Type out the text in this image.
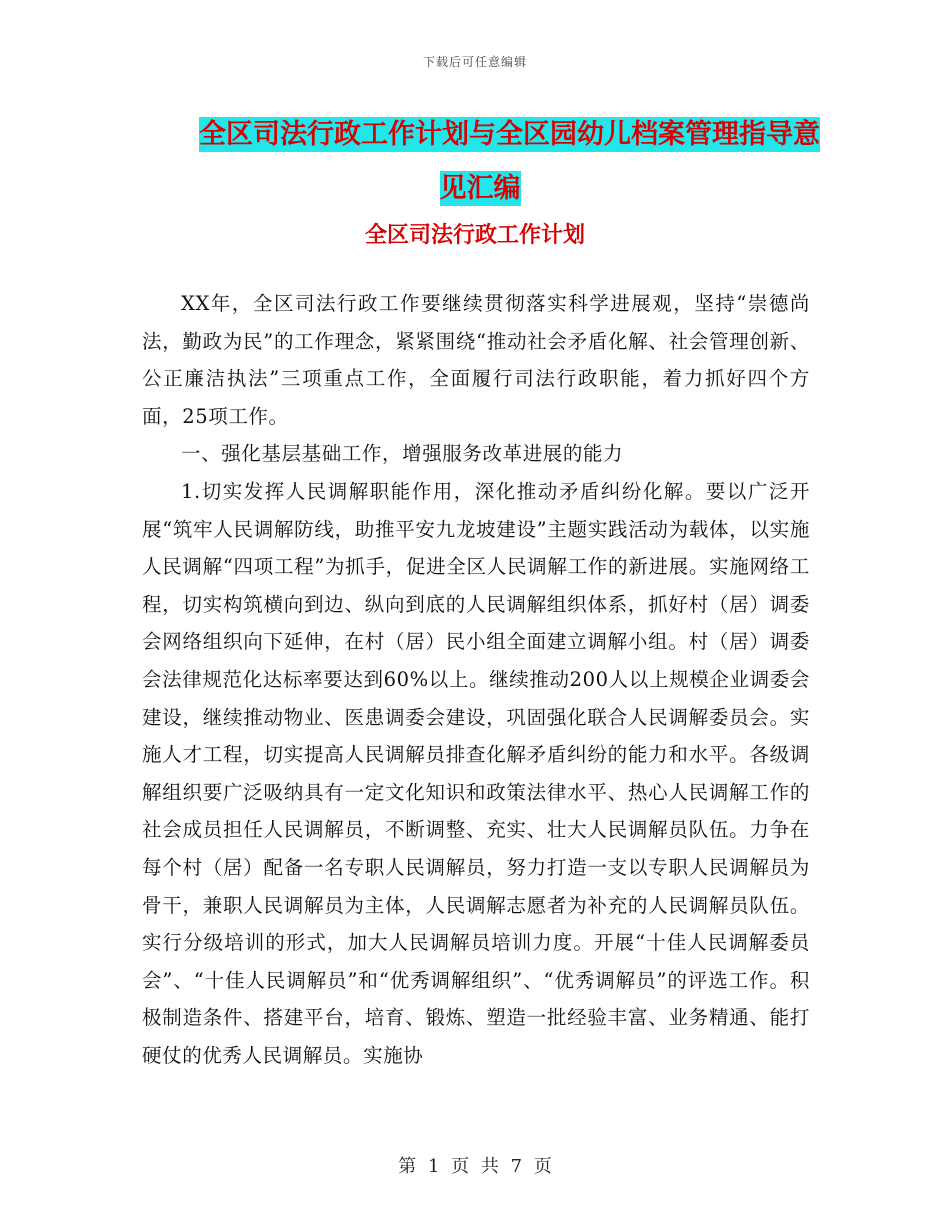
下载后可任意编辑
全区司法行政工作计划与全区园幼儿档案管理指导意
见汇编
全区司法行政工作计划

XX年，全区司法行政工作要继续贯彻落实科学进展观，坚持“崇德尚法，勤政为民”的工作理念，紧紧围绕“推动社会矛盾化解、社会管理创新、公正廉洁执法”三项重点工作，全面履行司法行政职能，着力抓好四个方面，25项工作。

一、强化基层基础工作，增强服务改革进展的能力

1.切实发挥人民调解职能作用，深化推动矛盾纠纷化解。要以广泛开展“筑牢人民调解防线，助推平安九龙坡建设”主题实践活动为载体，以实施人民调解“四项工程”为抓手，促进全区人民调解工作的新进展。实施网络工程，切实构筑横向到边、纵向到底的人民调解组织体系，抓好村（居）调委会网络组织向下延伸，在村（居）民小组全面建立调解小组。村（居）调委会法律规范化达标率要达到60%以上。继续推动200人以上规模企业调委会建设，继续推动物业、医患调委会建设，巩固强化联合人民调解委员会。实施人才工程，切实提高人民调解员排查化解矛盾纠纷的能力和水平。各级调解组织要广泛吸纳具有一定文化知识和政策法律水平、热心人民调解工作的社会成员担任人民调解员，不断调整、充实、壮大人民调解员队伍。力争在每个村（居）配备一名专职人民调解员，努力打造一支以专职人民调解员为骨干，兼职人民调解员为主体，人民调解志愿者为补充的人民调解员队伍。实行分级培训的形式，加大人民调解员培训力度。开展“十佳人民调解委员会”、“十佳人民调解员”和“优秀调解组织”、“优秀调解员”的评选工作。积极制造条件、搭建平台，培育、锻炼、塑造一批经验丰富、业务精通、能打硬仗的优秀人民调解员。实施协

第 1 页 共 7 页
